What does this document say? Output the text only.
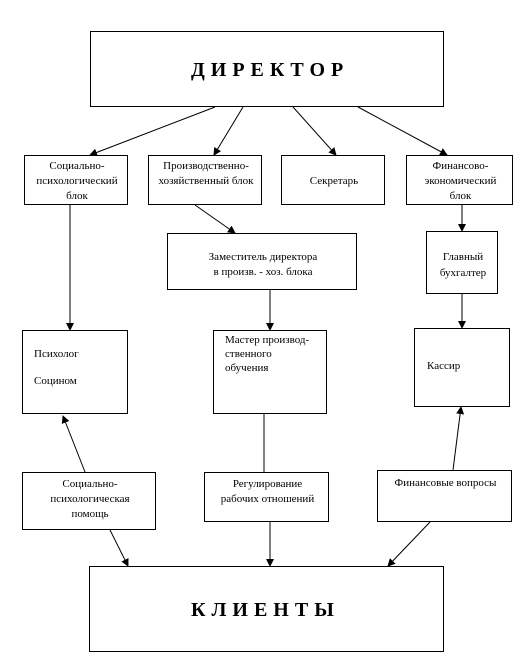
ДИРЕКТОР
Социально-
психологический
блок
Производственно-
хозяйственный блок	Секретарь
Финансово-
экономический
блок
Заместитель директора
в произв. - хоз. блока
Главный
бухгалтер
Психолог
Социном
Мастер производ-
ственного
обучения	Кассир
Социально-
психологическая
помощь
Регулирование
рабочих отношений
Финансовые вопросы
КЛИЕНТЫ
